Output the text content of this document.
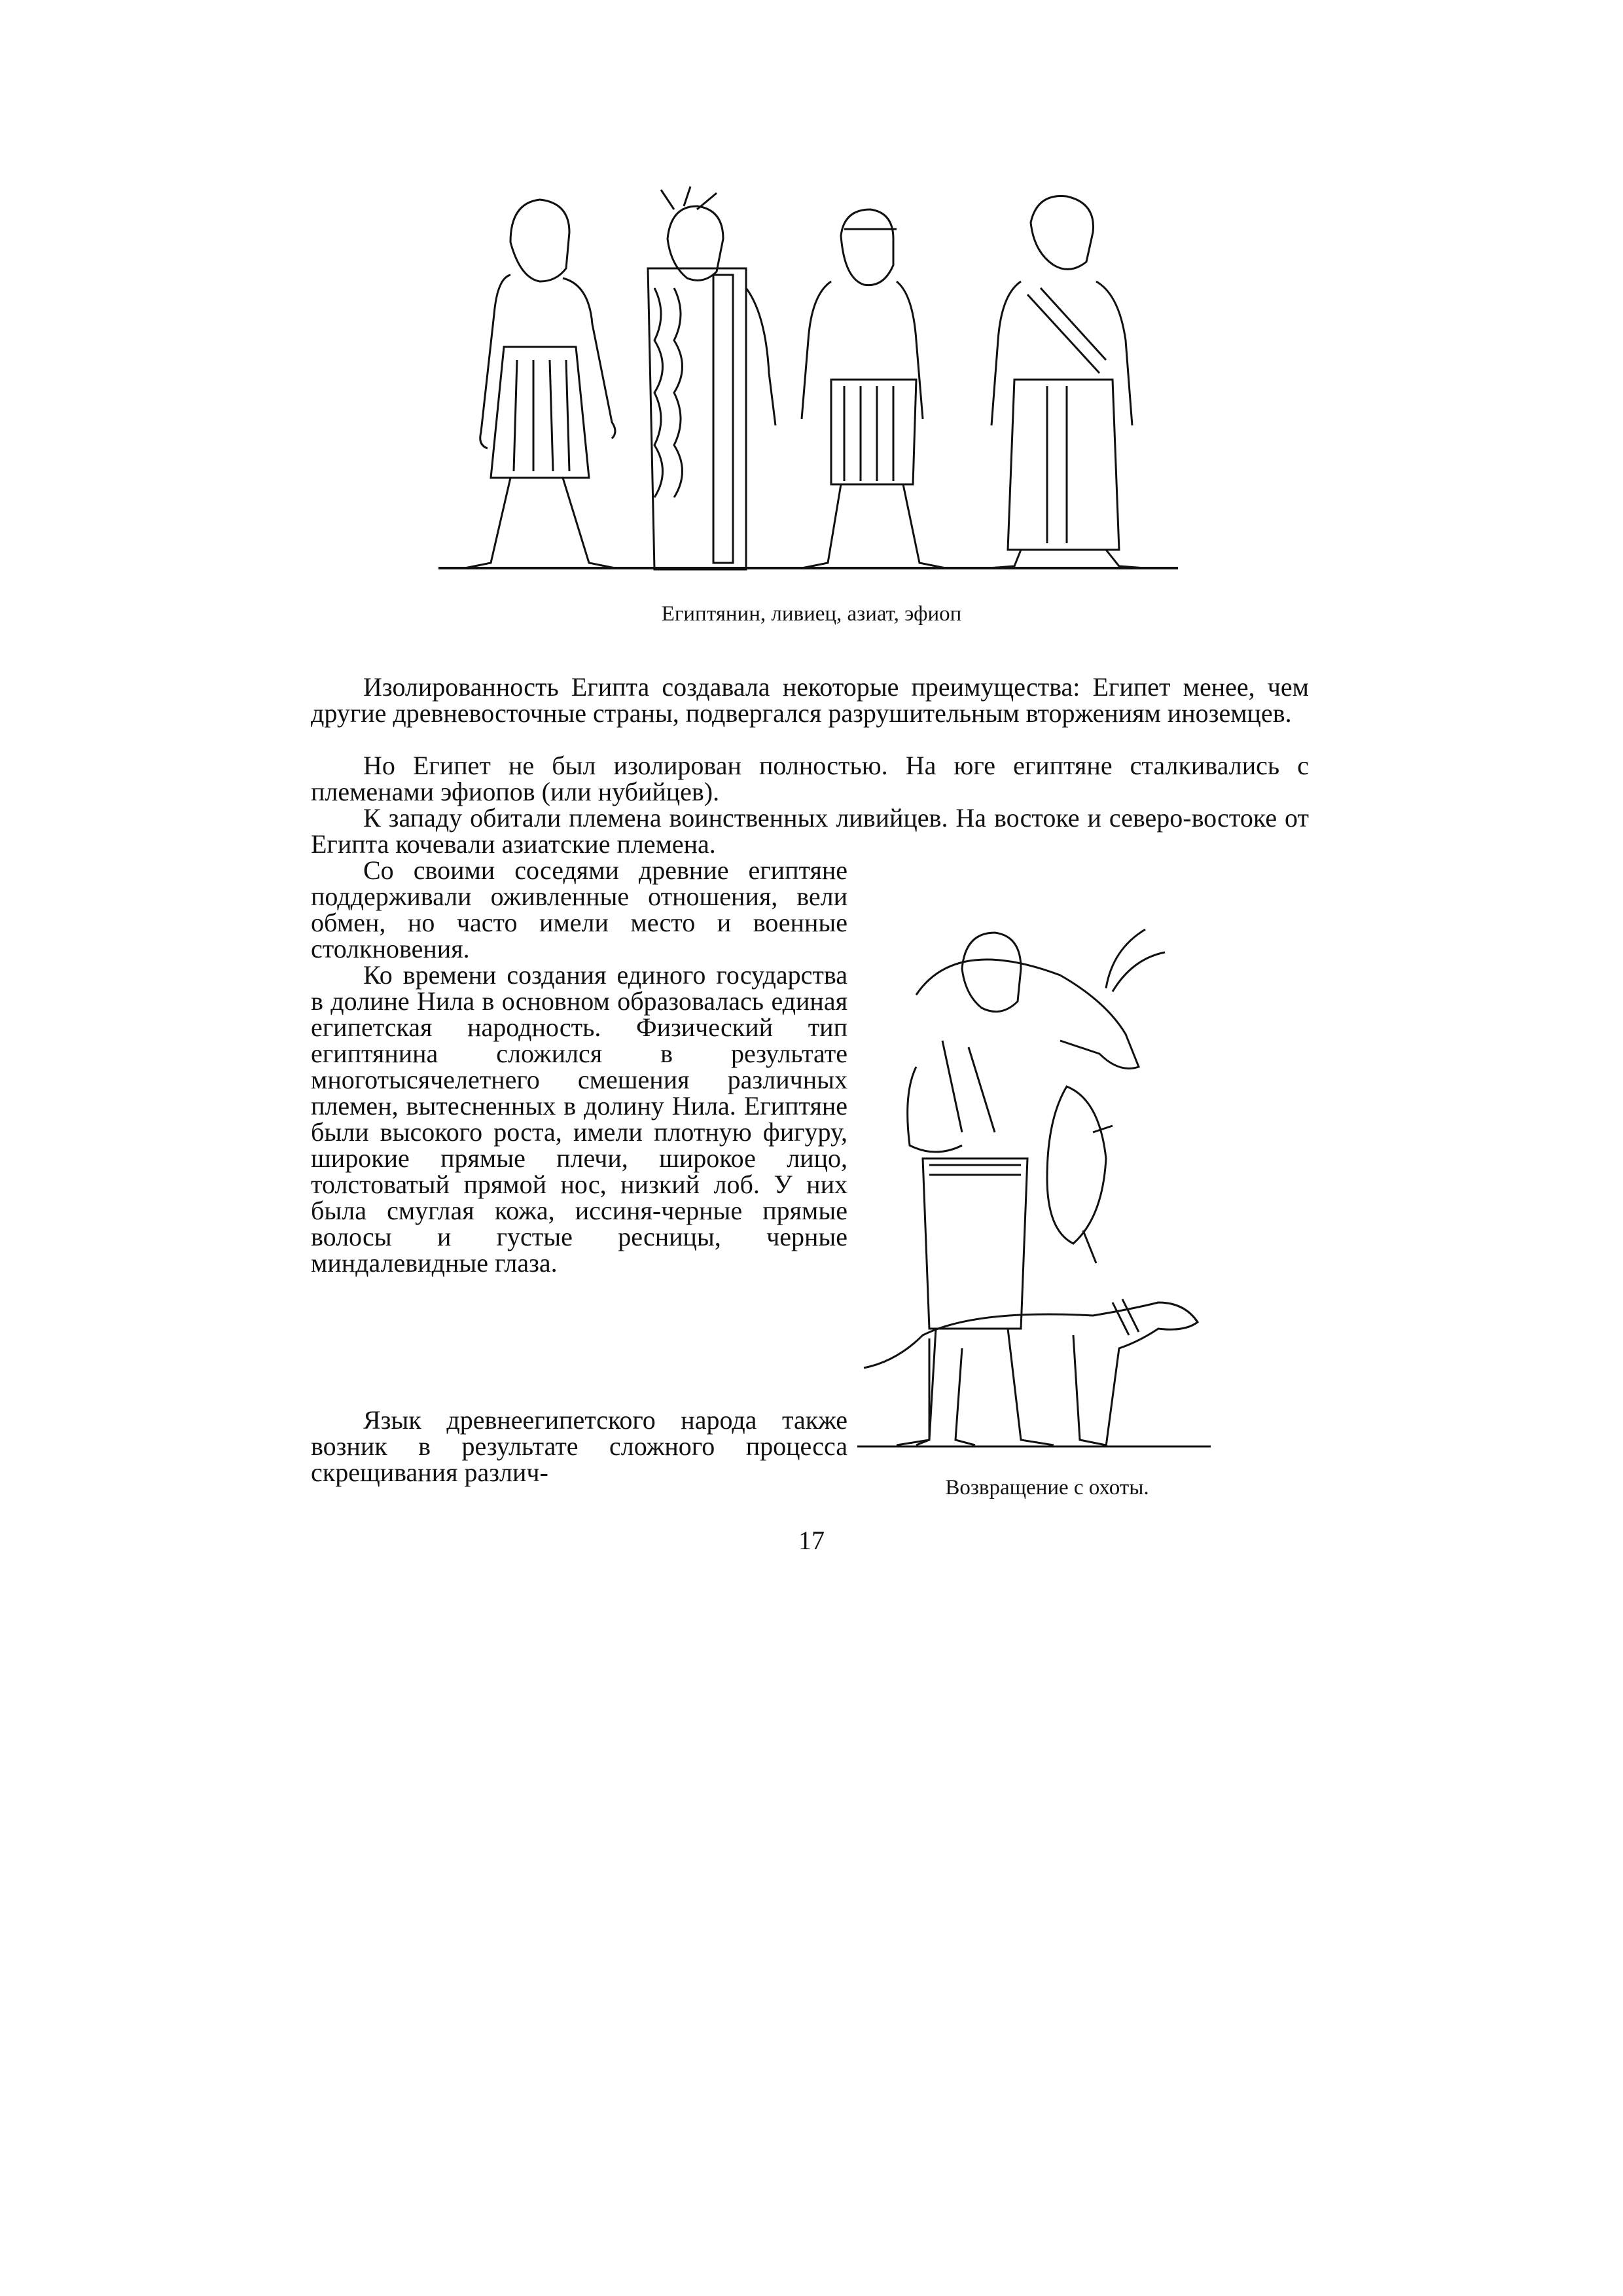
Египтянин, ливиец, азиат, эфиоп

Изолированность Египта создавала некоторые преимущества: Египет менее, чем другие древневосточные страны, подвергался разрушительным вторжениям иноземцев.

Но Египет не был изолирован полностью. На юге египтяне сталкивались с племенами эфиопов (или нубийцев).

К западу обитали племена воинственных ливийцев. На востоке и северо-востоке от Египта кочевали азиатские племена.

Со своими соседями древние египтяне поддерживали оживленные отношения, вели обмен, но часто имели место и военные столкновения.

Ко времени создания единого государства в долине Нила в основном образовалась единая египетская народность. Физический тип египтянина сложился в результате многотысячелетнего смешения различных племен, вытесненных в долину Нила. Египтяне были высокого роста, имели плотную фигуру, широкие прямые плечи, широкое лицо, толстоватый прямой нос, низкий лоб. У них была смуглая кожа, иссиня-черные прямые волосы и густые ресницы, черные миндалевидные глаза.

Язык древнеегипетского народа также возник в результате сложного процесса скрещивания различ-

Возвращение с охоты.
17
